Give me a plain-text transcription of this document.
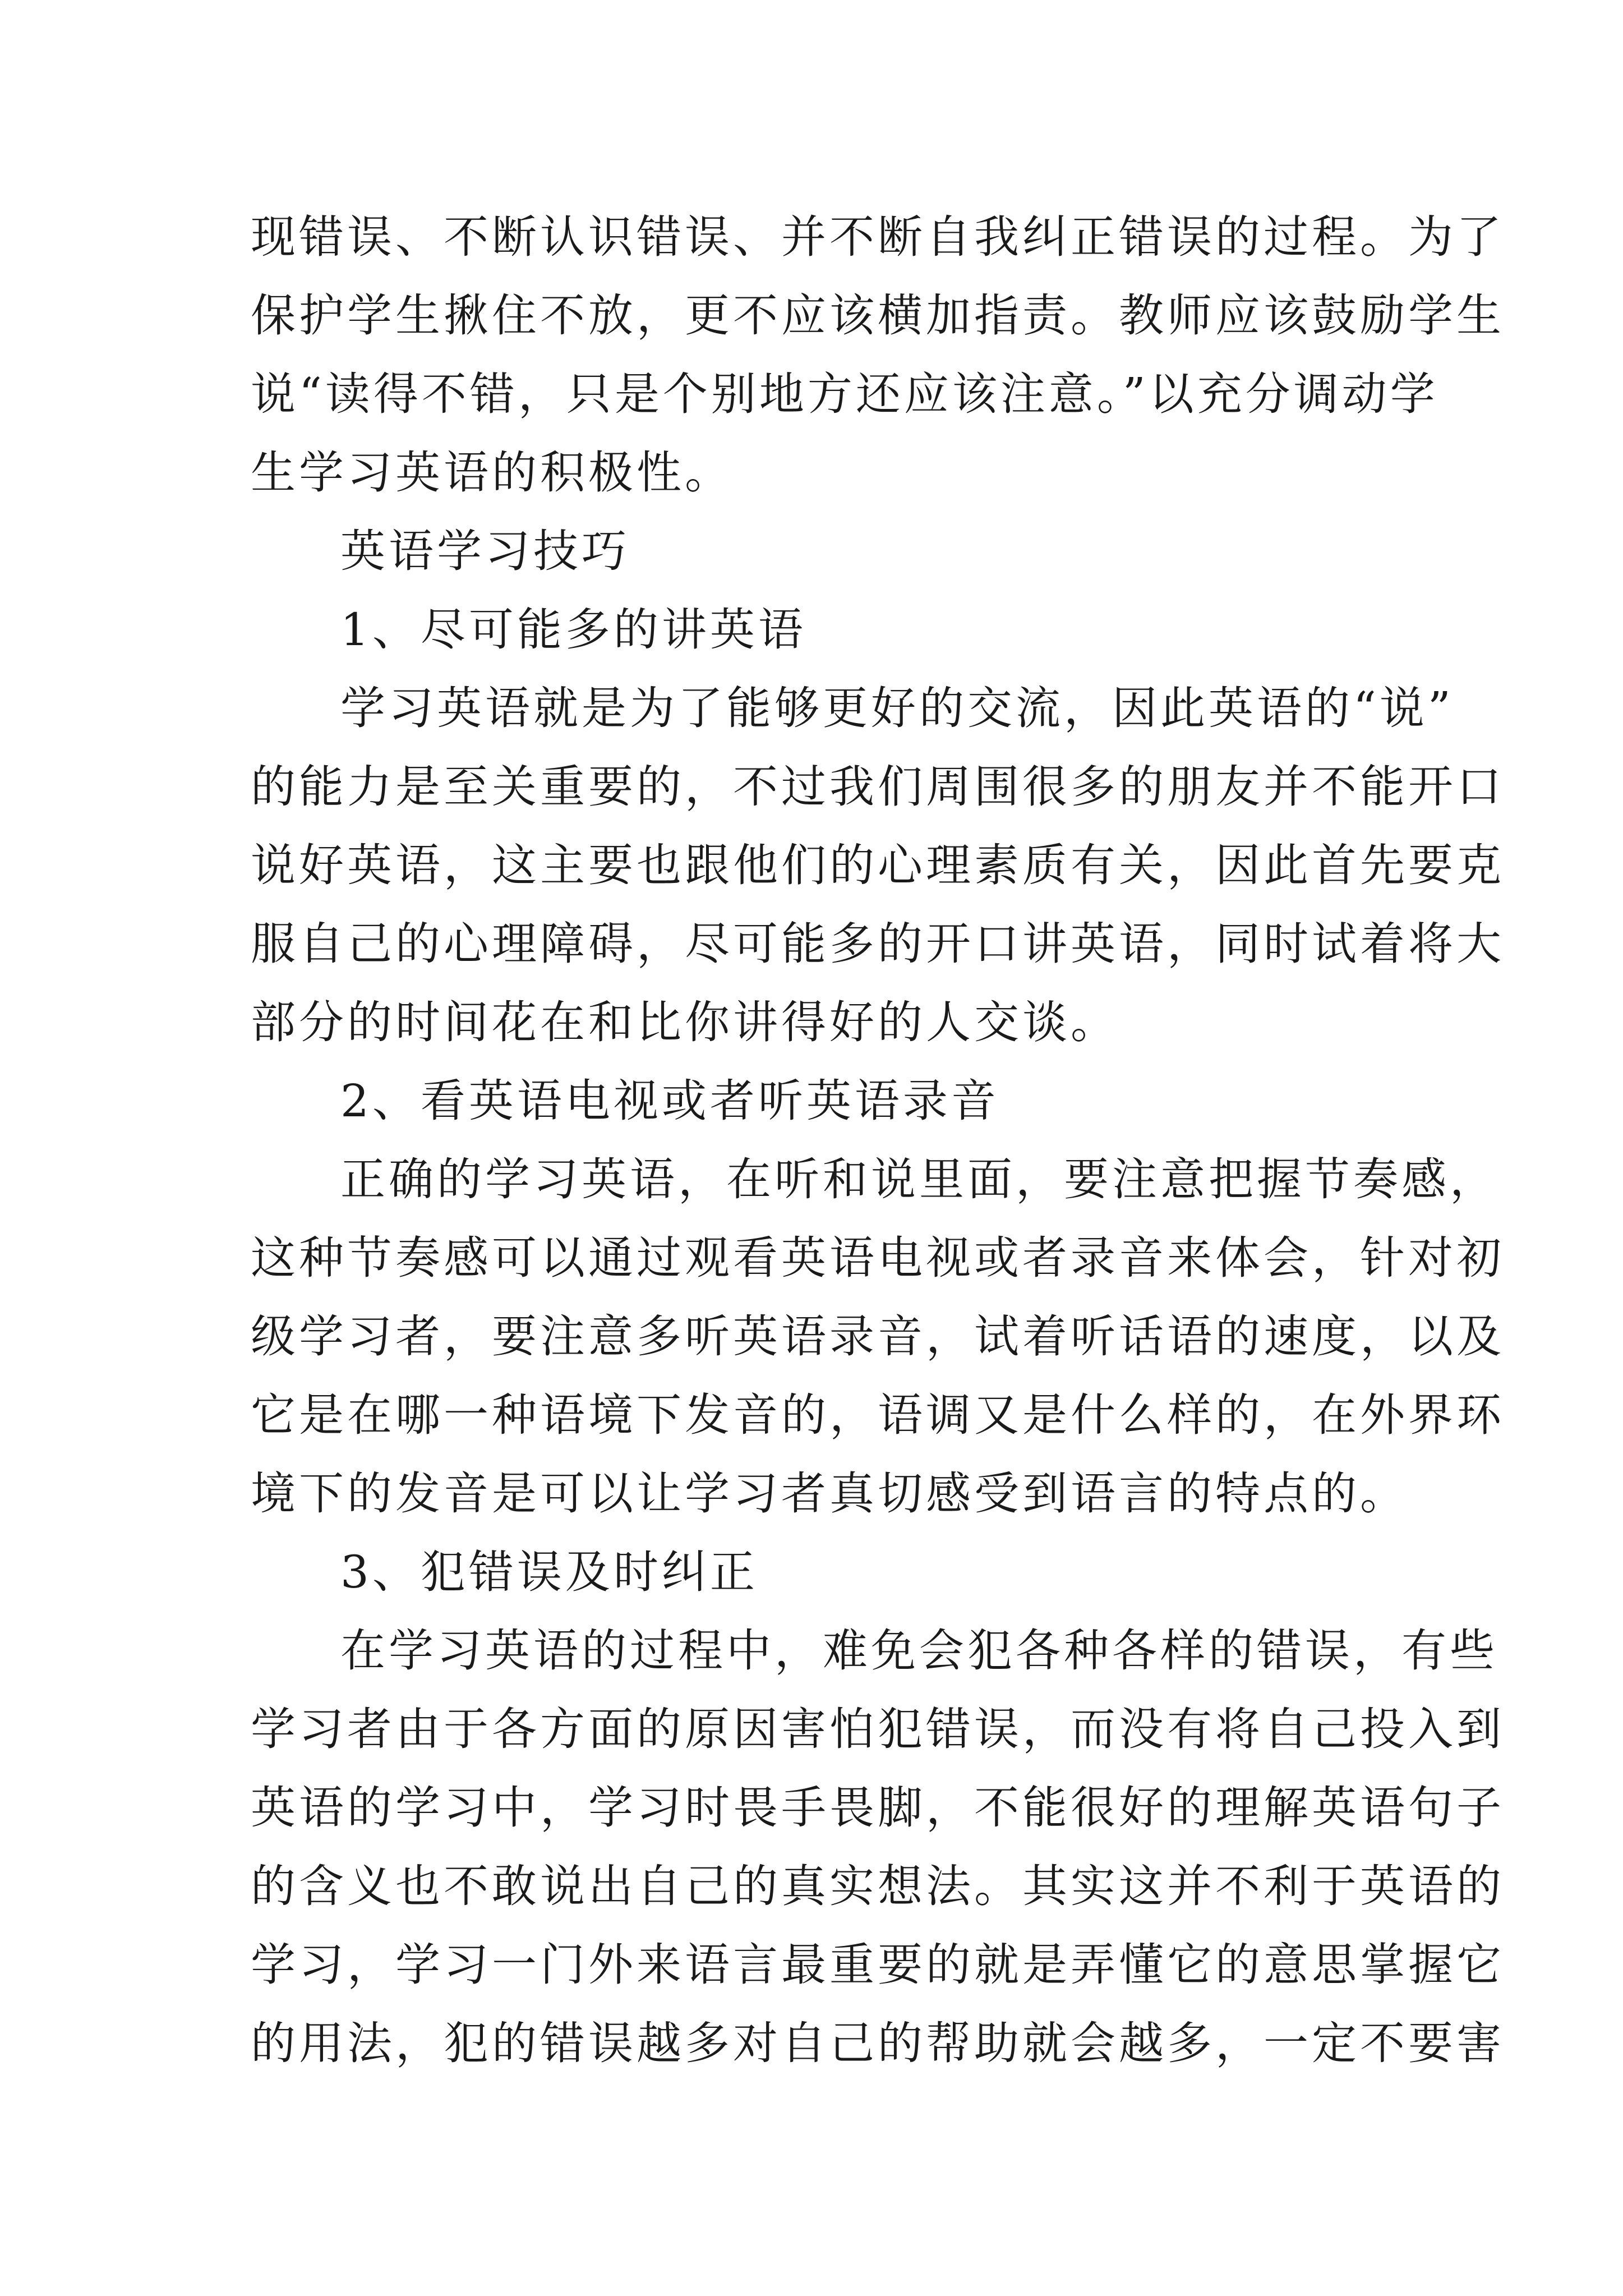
现错误、不断认识错误、并不断自我纠正错误的过程。为了
保护学生揪住不放，更不应该横加指责。教师应该鼓励学生
说“读得不错，只是个别地方还应该注意。”以充分调动学
生学习英语的积极性。
英语学习技巧
1、尽可能多的讲英语
学习英语就是为了能够更好的交流，因此英语的“说”
的能力是至关重要的，不过我们周围很多的朋友并不能开口
说好英语，这主要也跟他们的心理素质有关，因此首先要克
服自己的心理障碍，尽可能多的开口讲英语，同时试着将大
部分的时间花在和比你讲得好的人交谈。
2、看英语电视或者听英语录音
正确的学习英语，在听和说里面，要注意把握节奏感，
这种节奏感可以通过观看英语电视或者录音来体会，针对初
级学习者，要注意多听英语录音，试着听话语的速度，以及
它是在哪一种语境下发音的，语调又是什么样的，在外界环
境下的发音是可以让学习者真切感受到语言的特点的。
3、犯错误及时纠正
在学习英语的过程中，难免会犯各种各样的错误，有些
学习者由于各方面的原因害怕犯错误，而没有将自己投入到
英语的学习中，学习时畏手畏脚，不能很好的理解英语句子
的含义也不敢说出自己的真实想法。其实这并不利于英语的
学习，学习一门外来语言最重要的就是弄懂它的意思掌握它
的用法，犯的错误越多对自己的帮助就会越多，一定不要害
